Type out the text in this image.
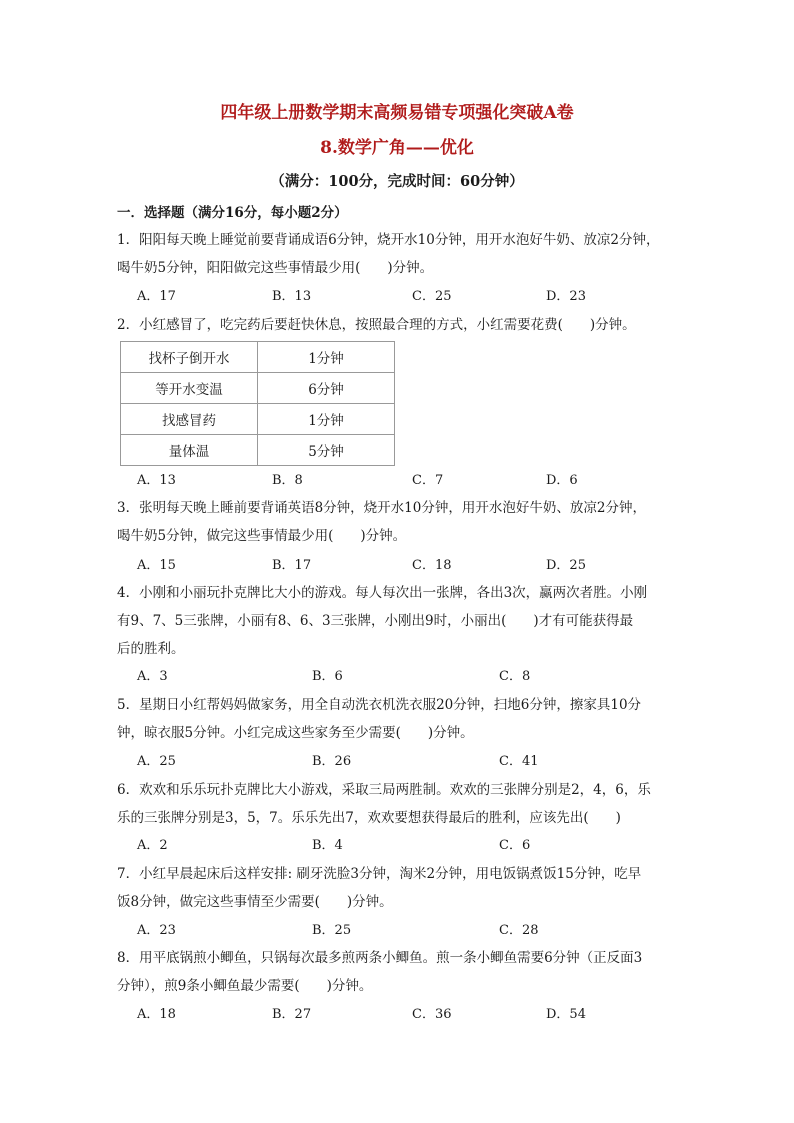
四年级上册数学期末高频易错专项强化突破A卷
8.数学广角——优化
（满分：100分，完成时间：60分钟）
一．选择题（满分16分，每小题2分）
1．阳阳每天晚上睡觉前要背诵成语6分钟，烧开水10分钟，用开水泡好牛奶、放凉2分钟，
喝牛奶5分钟，阳阳做完这些事情最少用(　　)分钟。
A．17	B．13	C．25	D．23
2．小红感冒了，吃完药后要赶快休息，按照最合理的方式，小红需要花费(　　)分钟。
找杯子倒开水	1分钟
等开水变温	6分钟
找感冒药	1分钟
量体温	5分钟
A．13	B．8	C．7	D．6
3．张明每天晚上睡前要背诵英语8分钟，烧开水10分钟，用开水泡好牛奶、放凉2分钟，
喝牛奶5分钟，做完这些事情最少用(　　)分钟。
A．15	B．17	C．18	D．25
4．小刚和小丽玩扑克牌比大小的游戏。每人每次出一张牌，各出3次，赢两次者胜。小刚
有9、7、5三张牌，小丽有8、6、3三张牌，小刚出9时，小丽出(　　)才有可能获得最
后的胜利。
A．3	B．6	C．8
5．星期日小红帮妈妈做家务，用全自动洗衣机洗衣服20分钟，扫地6分钟，擦家具10分
钟，晾衣服5分钟。小红完成这些家务至少需要(　　)分钟。
A．25	B．26	C．41
6．欢欢和乐乐玩扑克牌比大小游戏，采取三局两胜制。欢欢的三张牌分别是2，4，6，乐
乐的三张牌分别是3，5，7。乐乐先出7，欢欢要想获得最后的胜利，应该先出(　　)
A．2	B．4	C．6
7．小红早晨起床后这样安排: 刷牙洗脸3分钟，淘米2分钟，用电饭锅煮饭15分钟，吃早
饭8分钟，做完这些事情至少需要(　　)分钟。
A．23	B．25	C．28
8．用平底锅煎小鲫鱼，只锅每次最多煎两条小鲫鱼。煎一条小鲫鱼需要6分钟（正反面3
分钟），煎9条小鲫鱼最少需要(　　)分钟。
A．18	B．27	C．36	D．54
